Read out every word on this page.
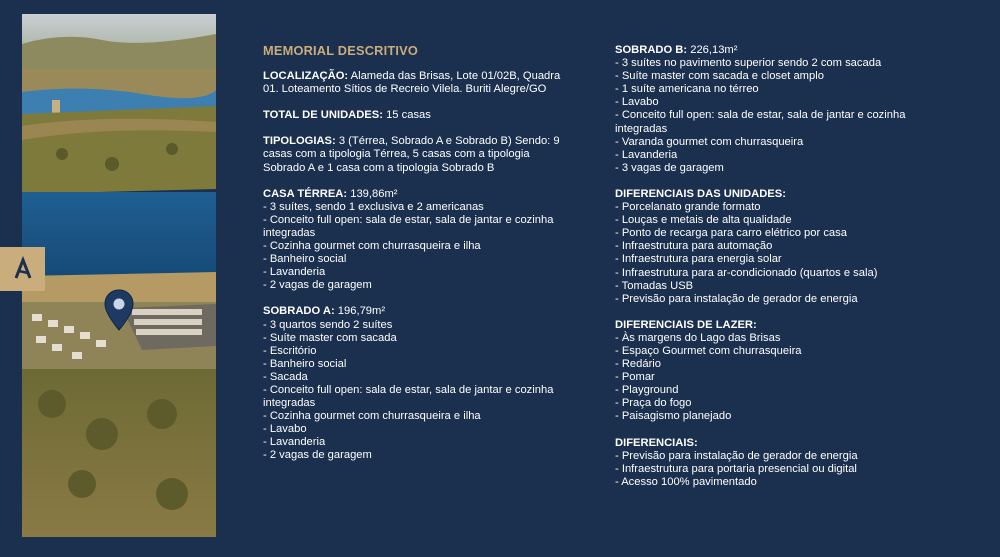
MEMORIAL DESCRITIVO
LOCALIZAÇÃO: Alameda das Brisas, Lote 01/02B, Quadra 01. Loteamento Sítios de Recreio Vilela. Buriti Alegre/GO
TOTAL DE UNIDADES: 15 casas
TIPOLOGIAS: 3 (Térrea, Sobrado A e Sobrado B) Sendo: 9 casas com a tipologia Térrea, 5 casas com a tipologia Sobrado A e 1 casa com a tipologia Sobrado B
CASA TÉRREA: 139,86m²
- 3 suítes, sendo 1 exclusiva e 2 americanas
- Conceito full open: sala de estar, sala de jantar e cozinha integradas
- Cozinha gourmet com churrasqueira e ilha
- Banheiro social
- Lavanderia
- 2 vagas de garagem
SOBRADO A: 196,79m²
- 3 quartos sendo 2 suítes
- Suíte master com sacada
- Escritório
- Banheiro social
- Sacada
- Conceito full open: sala de estar, sala de jantar e cozinha integradas
- Cozinha gourmet com churrasqueira e ilha
- Lavabo
- Lavanderia
- 2 vagas de garagem
SOBRADO B: 226,13m²
- 3 suítes no pavimento superior sendo 2 com sacada
- Suíte master com sacada e closet amplo
- 1 suíte americana no térreo
- Lavabo
- Conceito full open: sala de estar, sala de jantar e cozinha integradas
- Varanda gourmet com churrasqueira
- Lavanderia
- 3 vagas de garagem
DIFERENCIAIS DAS UNIDADES:
- Porcelanato grande formato
- Louças e metais de alta qualidade
- Ponto de recarga para carro elétrico por casa
- Infraestrutura para automação
- Infraestrutura para energia solar
- Infraestrutura para ar-condicionado (quartos e sala)
- Tomadas USB
- Previsão para instalação de gerador de energia
DIFERENCIAIS DE LAZER:
- Às margens do Lago das Brisas
- Espaço Gourmet com churrasqueira
- Redário
- Pomar
- Playground
- Praça do fogo
- Paisagismo planejado
DIFERENCIAIS:
- Previsão para instalação de gerador de energia
- Infraestrutura para portaria presencial ou digital
- Acesso 100% pavimentado
